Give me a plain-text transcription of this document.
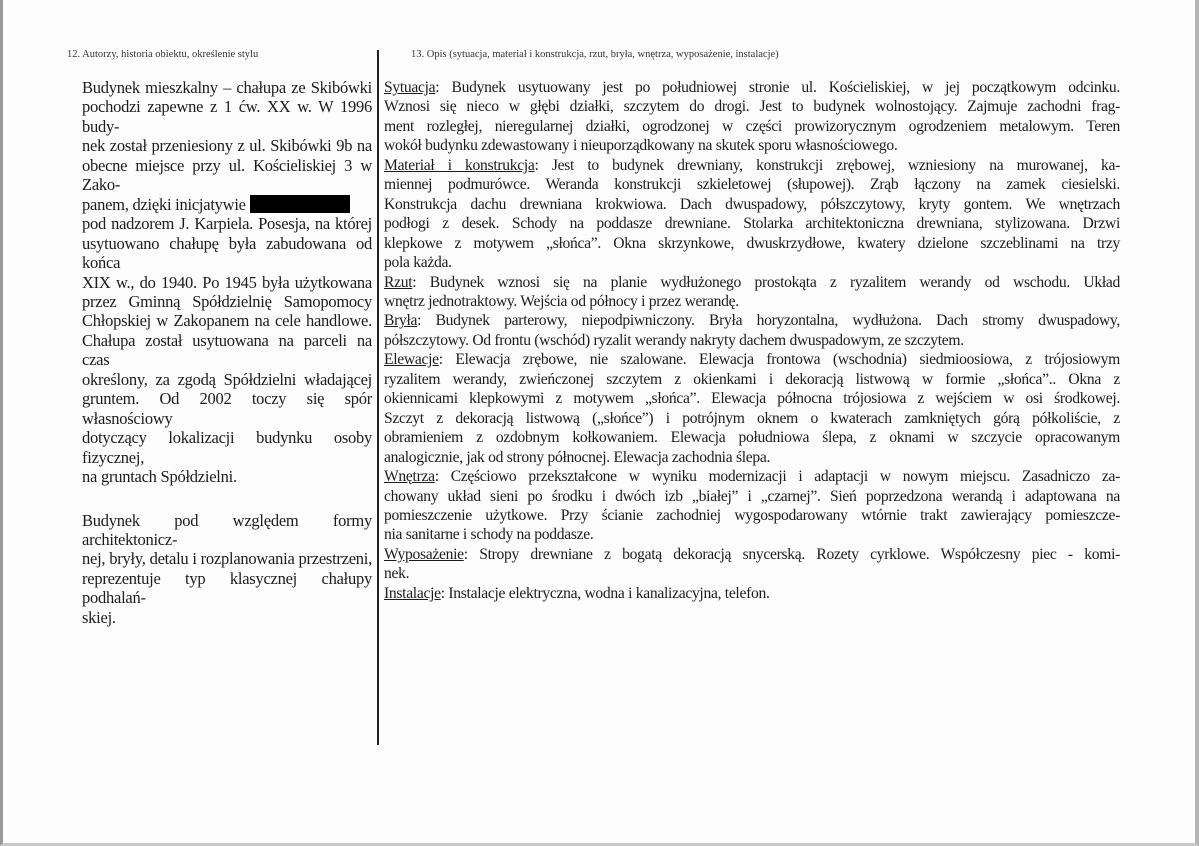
12. Autorzy, historia obiektu, określenie stylu	13. Opis (sytuacja, materiał i konstrukcja, rzut, bryła, wnętrza, wyposażenie, instalacje)
Budynek mieszkalny – chałupa ze Skibówki
pochodzi zapewne z 1 ćw. XX w. W 1996 budy-
nek został przeniesiony z ul. Skibówki 9b na
obecne miejsce przy ul. Kościeliskiej 3 w Zako-
panem, dzięki inicjatywie
pod nadzorem J. Karpiela. Posesja, na której
usytuowano chałupę była zabudowana od końca
XIX w., do 1940. Po 1945 była użytkowana
przez Gminną Spółdzielnię Samopomocy
Chłopskiej w Zakopanem na cele handlowe.
Chałupa został usytuowana na parceli na czas
określony, za zgodą Spółdzielni władającej
gruntem. Od 2002 toczy się spór własnościowy
dotyczący lokalizacji budynku osoby fizycznej,
na gruntach Spółdzielni.
Budynek pod względem formy architektonicz-
nej, bryły, detalu i rozplanowania przestrzeni,
reprezentuje typ klasycznej chałupy podhalań-
skiej.
Sytuacja: Budynek usytuowany jest po południowej stronie ul. Kościeliskiej, w jej początkowym odcinku.
Wznosi się nieco w głębi działki, szczytem do drogi. Jest to budynek wolnostojący. Zajmuje zachodni frag-
ment rozległej, nieregularnej działki, ogrodzonej w części prowizorycznym ogrodzeniem metalowym. Teren
wokół budynku zdewastowany i nieuporządkowany na skutek sporu własnościowego.
Materiał i konstrukcja: Jest to budynek drewniany, konstrukcji zrębowej, wzniesiony na murowanej, ka-
miennej podmurówce. Weranda konstrukcji szkieletowej (słupowej). Zrąb łączony na zamek ciesielski.
Konstrukcja dachu drewniana krokwiowa. Dach dwuspadowy, półszczytowy, kryty gontem. We wnętrzach
podłogi z desek. Schody na poddasze drewniane. Stolarka architektoniczna drewniana, stylizowana. Drzwi
klepkowe z motywem „słońca”. Okna skrzynkowe, dwuskrzydłowe, kwatery dzielone szczeblinami na trzy
pola każda.
Rzut: Budynek wznosi się na planie wydłużonego prostokąta z ryzalitem werandy od wschodu. Układ
wnętrz jednotraktowy. Wejścia od północy i przez werandę.
Bryła: Budynek parterowy, niepodpiwniczony. Bryła horyzontalna, wydłużona. Dach stromy dwuspadowy,
półszczytowy. Od frontu (wschód) ryzalit werandy nakryty dachem dwuspadowym, ze szczytem.
Elewacje: Elewacja zrębowe, nie szalowane. Elewacja frontowa (wschodnia) siedmioosiowa, z trójosiowym
ryzalitem werandy, zwieńczonej szczytem z okienkami i dekoracją listwową w formie „słońca”.. Okna z
okiennicami klepkowymi z motywem „słońca”. Elewacja północna trójosiowa z wejściem w osi środkowej.
Szczyt z dekoracją listwową („słońce”) i potrójnym oknem o kwaterach zamkniętych górą półkoliście, z
obramieniem z ozdobnym kołkowaniem. Elewacja południowa ślepa, z oknami w szczycie opracowanym
analogicznie, jak od strony północnej. Elewacja zachodnia ślepa.
Wnętrza: Częściowo przekształcone w wyniku modernizacji i adaptacji w nowym miejscu. Zasadniczo za-
chowany układ sieni po środku i dwóch izb „białej” i „czarnej”. Sień poprzedzona werandą i adaptowana na
pomieszczenie użytkowe. Przy ścianie zachodniej wygospodarowany wtórnie trakt zawierający pomieszcze-
nia sanitarne i schody na poddasze.
Wyposażenie: Stropy drewniane z bogatą dekoracją snycerską. Rozety cyrklowe. Współczesny piec - komi-
nek.
Instalacje: Instalacje elektryczna, wodna i kanalizacyjna, telefon.
